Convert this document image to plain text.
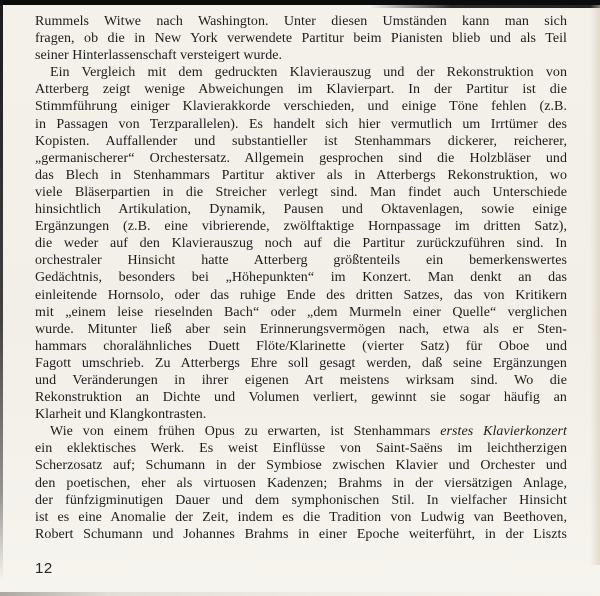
Rummels Witwe nach Washington. Unter diesen Umständen kann man sich
fragen, ob die in New York verwendete Partitur beim Pianisten blieb und als Teil
seiner Hinterlassenschaft versteigert wurde.
Ein Vergleich mit dem gedruckten Klavierauszug und der Rekonstruktion von
Atterberg zeigt wenige Abweichungen im Klavierpart. In der Partitur ist die
Stimmführung einiger Klavierakkorde verschieden, und einige Töne fehlen (z.B.
in Passagen von Terzparallelen). Es handelt sich hier vermutlich um Irrtümer des
Kopisten. Auffallender und substantieller ist Stenhammars dickerer, reicherer,
„germanischerer“ Orchestersatz. Allgemein gesprochen sind die Holzbläser und
das Blech in Stenhammars Partitur aktiver als in Atterbergs Rekonstruktion, wo
viele Bläserpartien in die Streicher verlegt sind. Man findet auch Unterschiede
hinsichtlich Artikulation, Dynamik, Pausen und Oktavenlagen, sowie einige
Ergänzungen (z.B. eine vibrierende, zwölftaktige Hornpassage im dritten Satz),
die weder auf den Klavierauszug noch auf die Partitur zurückzuführen sind. In
orchestraler Hinsicht hatte Atterberg größtenteils ein bemerkenswertes
Gedächtnis, besonders bei „Höhepunkten“ im Konzert. Man denkt an das
einleitende Hornsolo, oder das ruhige Ende des dritten Satzes, das von Kritikern
mit „einem leise rieselnden Bach“ oder „dem Murmeln einer Quelle“ verglichen
wurde. Mitunter ließ aber sein Erinnerungsvermögen nach, etwa als er Sten-
hammars choralähnliches Duett Flöte/Klarinette (vierter Satz) für Oboe und
Fagott umschrieb. Zu Atterbergs Ehre soll gesagt werden, daß seine Ergänzungen
und Veränderungen in ihrer eigenen Art meistens wirksam sind. Wo die
Rekonstruktion an Dichte und Volumen verliert, gewinnt sie sogar häufig an
Klarheit und Klangkontrasten.
Wie von einem frühen Opus zu erwarten, ist Stenhammars erstes Klavierkonzert
ein eklektisches Werk. Es weist Einflüsse von Saint-Saëns im leichtherzigen
Scherzosatz auf; Schumann in der Symbiose zwischen Klavier und Orchester und
den poetischen, eher als virtuosen Kadenzen; Brahms in der viersätzigen Anlage,
der fünfzigminutigen Dauer und dem symphonischen Stil. In vielfacher Hinsicht
ist es eine Anomalie der Zeit, indem es die Tradition von Ludwig van Beethoven,
Robert Schumann und Johannes Brahms in einer Epoche weiterführt, in der Liszts
12
